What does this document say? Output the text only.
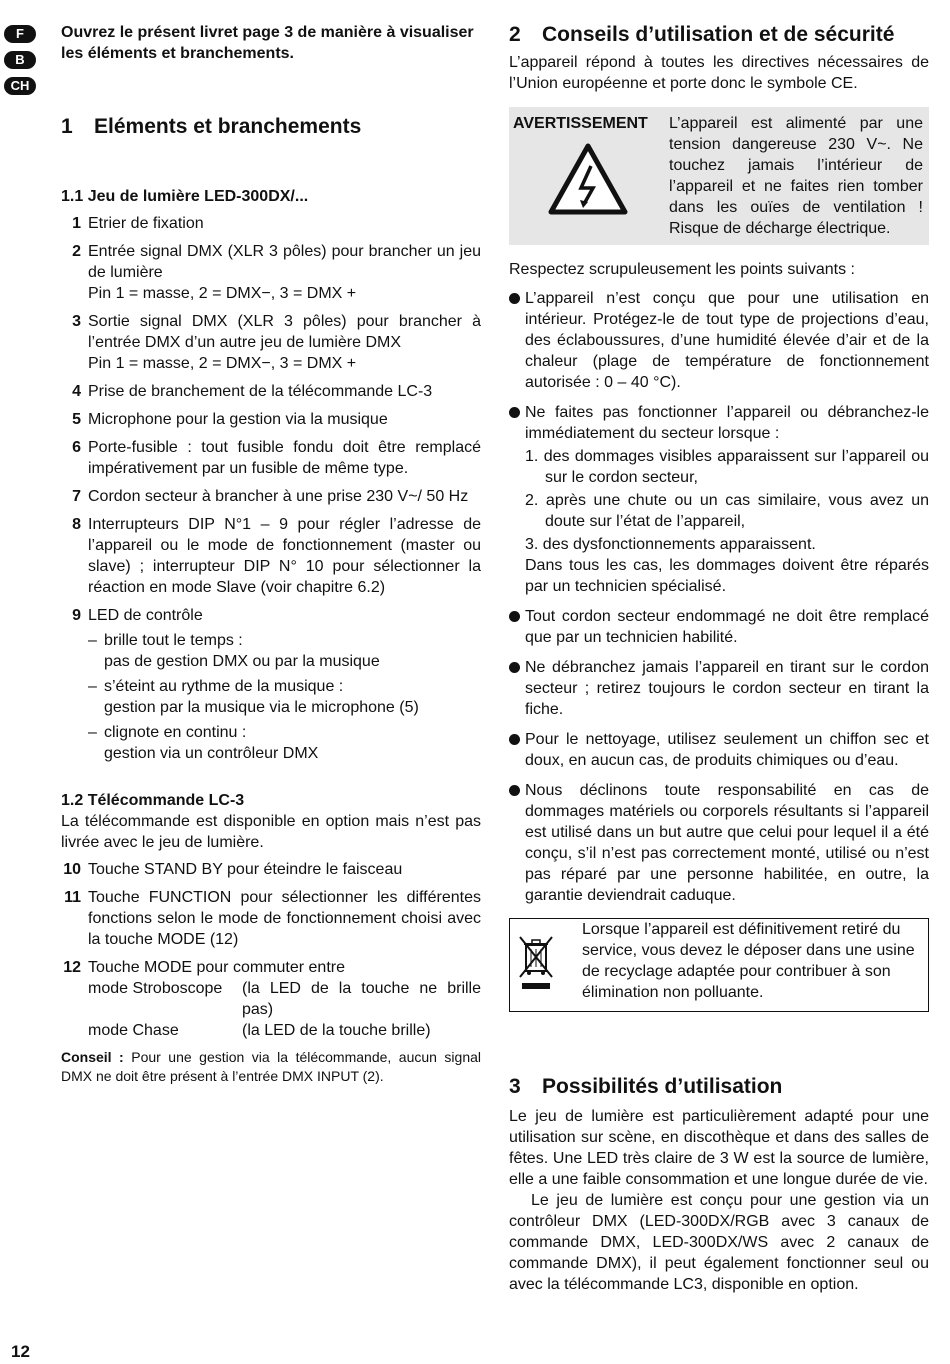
F
B
CH

Ouvrez le présent livret page 3 de manière à visualiser les éléments et branchements.

1 Eléments et branchements
1.1 Jeu de lumière LED-300DX/...
1 Etrier de fixation
2 Entrée signal DMX (XLR 3 pôles) pour brancher un jeu de lumière
Pin 1 = masse, 2 = DMX−, 3 = DMX +
3 Sortie signal DMX (XLR 3 pôles) pour brancher à l’entrée DMX d’un autre jeu de lumière DMX
Pin 1 = masse, 2 = DMX−, 3 = DMX +
4 Prise de branchement de la télécommande LC-3
5 Microphone pour la gestion via la musique
6 Porte-fusible : tout fusible fondu doit être remplacé impérativement par un fusible de même type.
7 Cordon secteur à brancher à une prise 230 V~/ 50 Hz
8 Interrupteurs DIP N°1 – 9 pour régler l’adresse de l’appareil ou le mode de fonctionnement (master ou slave) ; interrupteur DIP N° 10 pour sélectionner la réaction en mode Slave (voir chapitre 6.2)
9 LED de contrôle
– brille tout le temps :
pas de gestion DMX ou par la musique
– s’éteint au rythme de la musique :
gestion par la musique via le microphone (5)
– clignote en continu :
gestion via un contrôleur DMX
1.2 Télécommande LC-3

La télécommande est disponible en option mais n’est pas livrée avec le jeu de lumière.

10 Touche STAND BY pour éteindre le faisceau
11 Touche FUNCTION pour sélectionner les différentes fonctions selon le mode de fonctionnement choisi avec la touche MODE (12)
12 Touche MODE pour commuter entre
mode Stroboscope	(la LED de la touche ne brille pas)
mode Chase	(la LED de la touche brille)

Conseil : Pour une gestion via la télécommande, aucun signal DMX ne doit être présent à l’entrée DMX INPUT (2).

2 Conseils d’utilisation et de sécurité

L’appareil répond à toutes les directives nécessaires de l’Union européenne et porte donc le symbole CE.

AVERTISSEMENT	L’appareil est alimenté par une tension dangereuse 230 V~. Ne touchez jamais l’intérieur de l’appareil et ne faites rien tomber dans les ouïes de ventilation ! Risque de décharge électrique.

Respectez scrupuleusement les points suivants :

L’appareil n’est conçu que pour une utilisation en intérieur. Protégez-le de tout type de projections d’eau, des éclaboussures, d’une humidité élevée d’air et de la chaleur (plage de température de fonctionnement autorisée : 0 – 40 °C).
Ne faites pas fonctionner l’appareil ou débranchez-le immédiatement du secteur lorsque :
1. des dommages visibles apparaissent sur l’appareil ou sur le cordon secteur,
2. après une chute ou un cas similaire, vous avez un doute sur l’état de l’appareil,
3. des dysfonctionnements apparaissent.
Dans tous les cas, les dommages doivent être réparés par un technicien spécialisé.
Tout cordon secteur endommagé ne doit être remplacé que par un technicien habilité.
Ne débranchez jamais l’appareil en tirant sur le cordon secteur ; retirez toujours le cordon secteur en tirant la fiche.
Pour le nettoyage, utilisez seulement un chiffon sec et doux, en aucun cas, de produits chimiques ou d’eau.
Nous déclinons toute responsabilité en cas de dommages matériels ou corporels résultants si l’appareil est utilisé dans un but autre que celui pour lequel il a été conçu, s’il n’est pas correctement monté, utilisé ou n’est pas réparé par une personne habilitée, en outre, la garantie deviendrait caduque.
Lorsque l’appareil est définitivement retiré du service, vous devez le déposer dans une usine de recyclage adaptée pour contribuer à son élimination non polluante.
3 Possibilités d’utilisation

Le jeu de lumière est particulièrement adapté pour une utilisation sur scène, en discothèque et dans des salles de fêtes. Une LED très claire de 3 W est la source de lumière, elle a une faible consommation et une longue durée de vie.

Le jeu de lumière est conçu pour une gestion via un contrôleur DMX (LED-300DX/RGB avec 3 canaux de commande DMX, LED-300DX/WS avec 2 canaux de commande DMX), il peut également fonctionner seul ou avec la télécommande LC3, disponible en option.

12
